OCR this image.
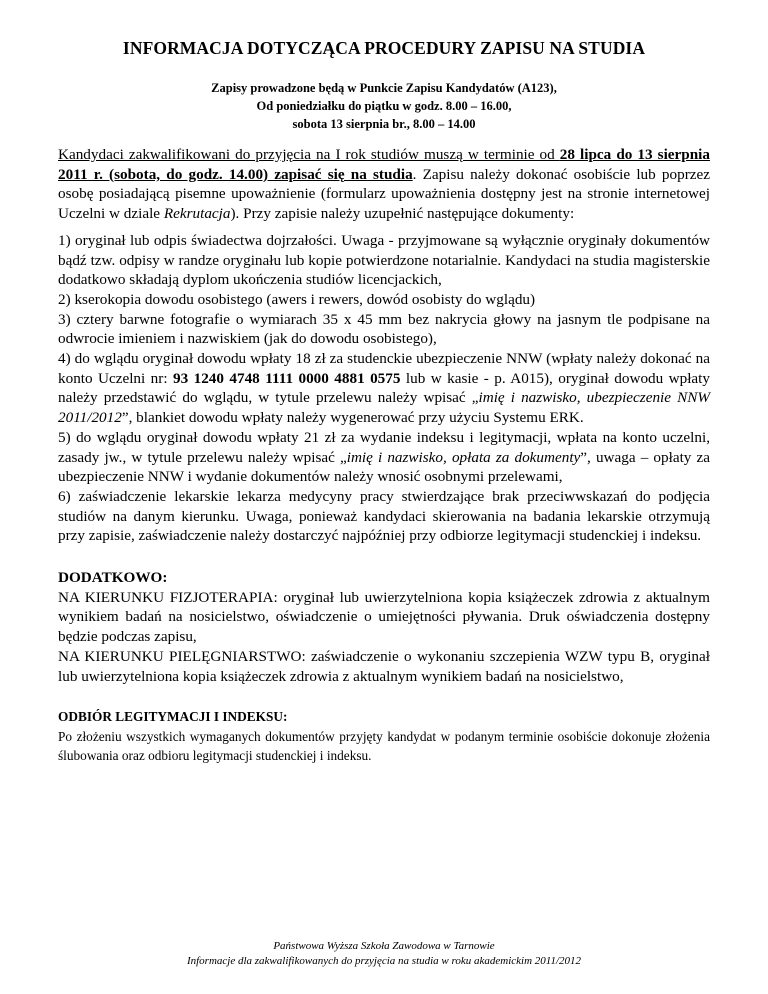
INFORMACJA DOTYCZĄCA PROCEDURY ZAPISU NA STUDIA
Zapisy prowadzone będą w Punkcie Zapisu Kandydatów (A123),
Od poniedziałku do piątku w godz. 8.00 – 16.00,
sobota 13 sierpnia br., 8.00 – 14.00

Kandydaci zakwalifikowani do przyjęcia na I rok studiów muszą w terminie od 28 lipca do 13 sierpnia 2011 r. (sobota, do godz. 14.00) zapisać się na studia. Zapisu należy dokonać osobiście lub poprzez osobę posiadającą pisemne upoważnienie (formularz upoważnienia dostępny jest na stronie internetowej Uczelni w dziale Rekrutacja). Przy zapisie należy uzupełnić następujące dokumenty:

1) oryginał lub odpis świadectwa dojrzałości. Uwaga - przyjmowane są wyłącznie oryginały dokumentów bądź tzw. odpisy w randze oryginału lub kopie potwierdzone notarialnie. Kandydaci na studia magisterskie dodatkowo składają dyplom ukończenia studiów licencjackich,

2) kserokopia dowodu osobistego (awers i rewers, dowód osobisty do wglądu)

3) cztery barwne fotografie o wymiarach 35 x 45 mm bez nakrycia głowy na jasnym tle podpisane na odwrocie imieniem i nazwiskiem (jak do dowodu osobistego),

4) do wglądu oryginał dowodu wpłaty 18 zł za studenckie ubezpieczenie NNW (wpłaty należy dokonać na konto Uczelni nr: 93 1240 4748 1111 0000 4881 0575 lub w kasie - p. A015), oryginał dowodu wpłaty należy przedstawić do wglądu, w tytule przelewu należy wpisać „imię i nazwisko, ubezpieczenie NNW 2011/2012”, blankiet dowodu wpłaty należy wygenerować przy użyciu Systemu ERK.

5) do wglądu oryginał dowodu wpłaty 21 zł za wydanie indeksu i legitymacji, wpłata na konto uczelni, zasady jw., w tytule przelewu należy wpisać „imię i nazwisko, opłata za dokumenty”, uwaga – opłaty za ubezpieczenie NNW i wydanie dokumentów należy wnosić osobnymi przelewami,

6) zaświadczenie lekarskie lekarza medycyny pracy stwierdzające brak przeciwwskazań do podjęcia studiów na danym kierunku. Uwaga, ponieważ kandydaci skierowania na badania lekarskie otrzymują przy zapisie, zaświadczenie należy dostarczyć najpóźniej przy odbiorze legitymacji studenckiej i indeksu.

DODATKOWO:

NA KIERUNKU FIZJOTERAPIA: oryginał lub uwierzytelniona kopia książeczek zdrowia z aktualnym wynikiem badań na nosicielstwo, oświadczenie o umiejętności pływania. Druk oświadczenia dostępny będzie podczas zapisu,

NA KIERUNKU PIELĘGNIARSTWO: zaświadczenie o wykonaniu szczepienia WZW typu B, oryginał lub uwierzytelniona kopia książeczek zdrowia z aktualnym wynikiem badań na nosicielstwo,

ODBIÓR LEGITYMACJI I INDEKSU:

Po złożeniu wszystkich wymaganych dokumentów przyjęty kandydat w podanym terminie osobiście dokonuje złożenia ślubowania oraz odbioru legitymacji studenckiej i indeksu.

Państwowa Wyższa Szkoła Zawodowa w Tarnowie
Informacje dla zakwalifikowanych do przyjęcia na studia w roku akademickim 2011/2012
